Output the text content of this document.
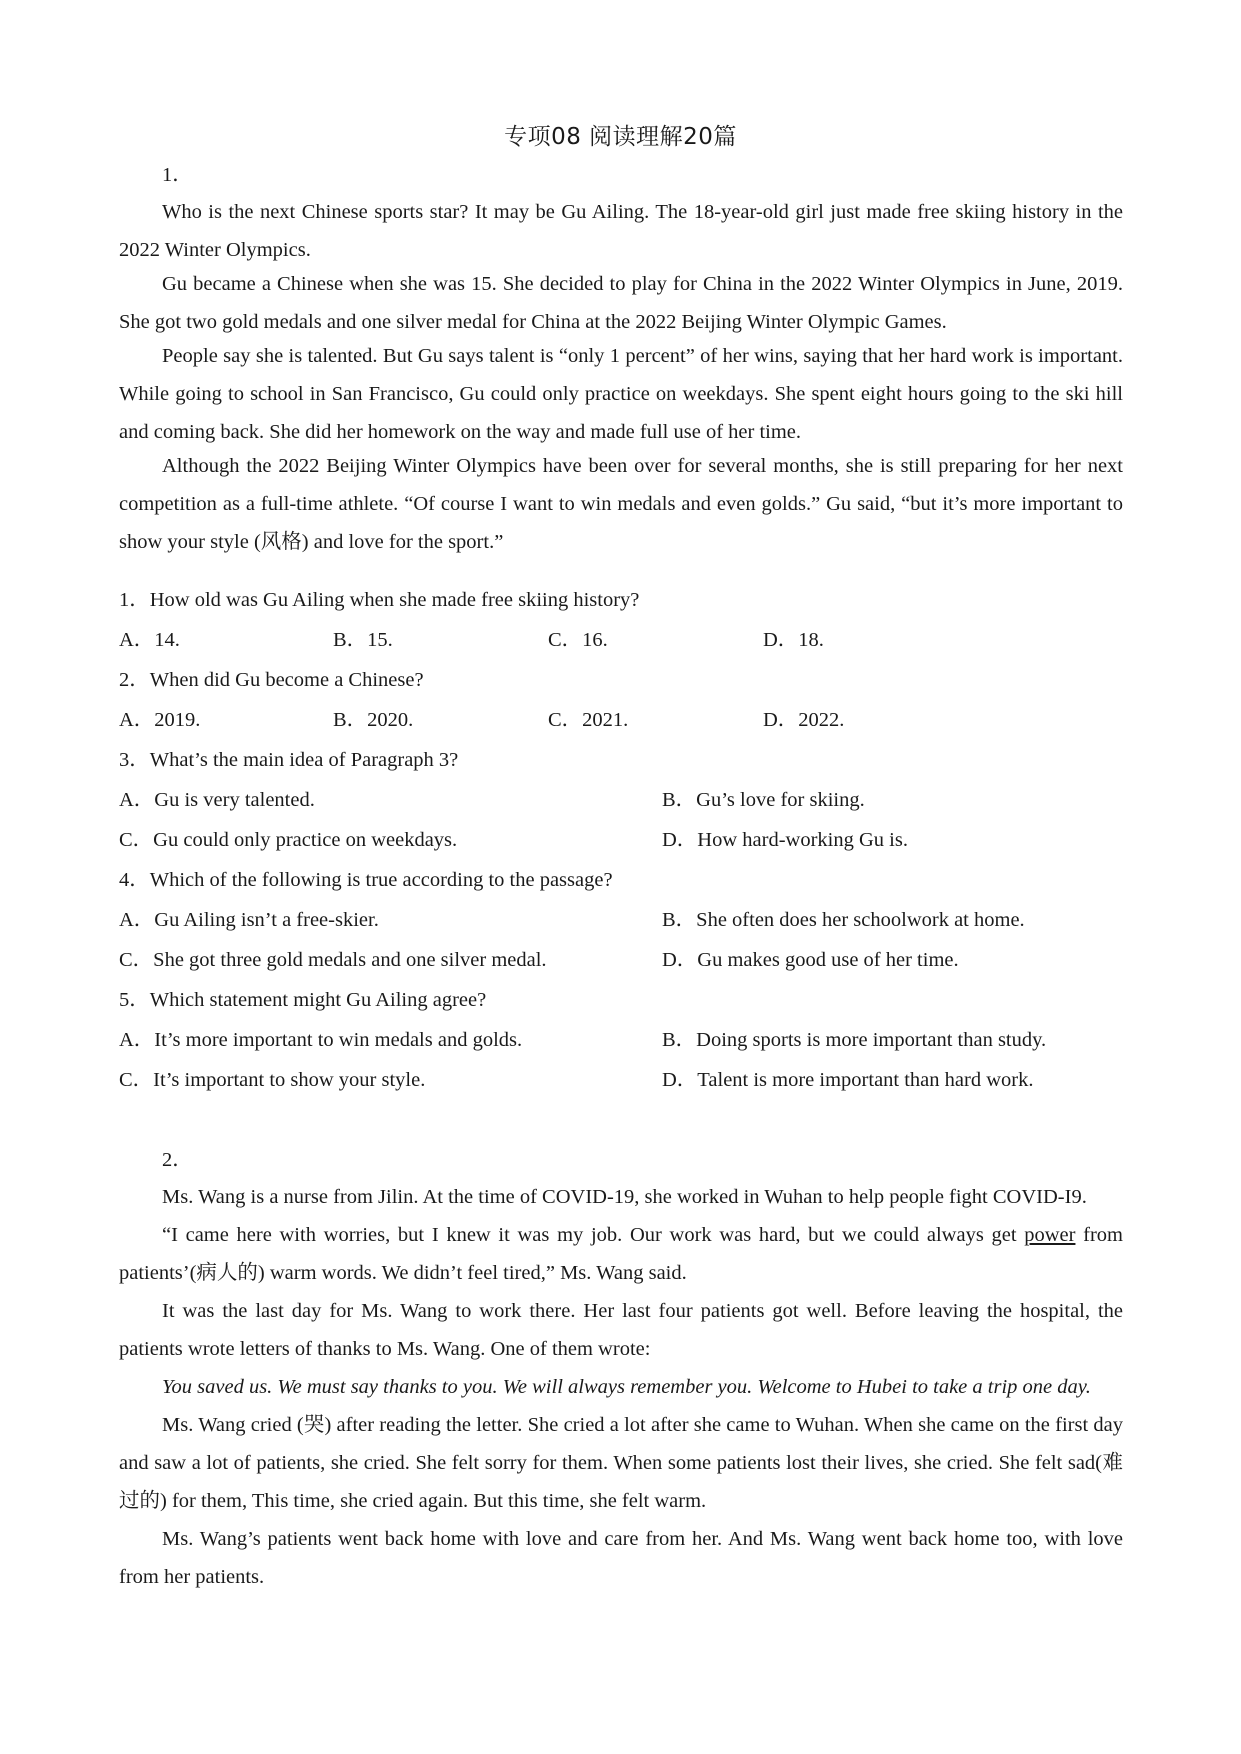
专项08 阅读理解20篇
1．

Who is the next Chinese sports star? It may be Gu Ailing. The 18-year-old girl just made free skiing history in the 2022 Winter Olympics.

Gu became a Chinese when she was 15. She decided to play for China in the 2022 Winter Olympics in June, 2019. She got two gold medals and one silver medal for China at the 2022 Beijing Winter Olympic Games.

People say she is talented. But Gu says talent is “only 1 percent” of her wins, saying that her hard work is important. While going to school in San Francisco, Gu could only practice on weekdays. She spent eight hours going to the ski hill and coming back. She did her homework on the way and made full use of her time.

Although the 2022 Beijing Winter Olympics have been over for several months, she is still preparing for her next competition as a full-time athlete. “Of course I want to win medals and even golds.” Gu said, “but it’s more important to show your style (风格) and love for the sport.”

1．How old was Gu Ailing when she made free skiing history?
A．14.	B．15.	C．16.	D．18.
2．When did Gu become a Chinese?
A．2019.	B．2020.	C．2021.	D．2022.
3．What’s the main idea of Paragraph 3?
A．Gu is very talented.	B．Gu’s love for skiing.
C．Gu could only practice on weekdays.	D．How hard-working Gu is.
4．Which of the following is true according to the passage?
A．Gu Ailing isn’t a free-skier.	B．She often does her schoolwork at home.
C．She got three gold medals and one silver medal.	D．Gu makes good use of her time.
5．Which statement might Gu Ailing agree?
A．It’s more important to win medals and golds.	B．Doing sports is more important than study.
C．It’s important to show your style.	D．Talent is more important than hard work.
2．

Ms. Wang is a nurse from Jilin. At the time of COVID-19, she worked in Wuhan to help people fight COVID-I9.

“I came here with worries, but I knew it was my job. Our work was hard, but we could always get power from patients’(病人的) warm words. We didn’t feel tired,” Ms. Wang said.

It was the last day for Ms. Wang to work there. Her last four patients got well. Before leaving the hospital, the patients wrote letters of thanks to Ms. Wang. One of them wrote:

You saved us. We must say thanks to you. We will always remember you. Welcome to Hubei to take a trip one day.

Ms. Wang cried (哭) after reading the letter. She cried a lot after she came to Wuhan. When she came on the first day and saw a lot of patients, she cried. She felt sorry for them. When some patients lost their lives, she cried. She felt sad(难过的) for them, This time, she cried again. But this time, she felt warm.

Ms. Wang’s patients went back home with love and care from her. And Ms. Wang went back home too, with love from her patients.
